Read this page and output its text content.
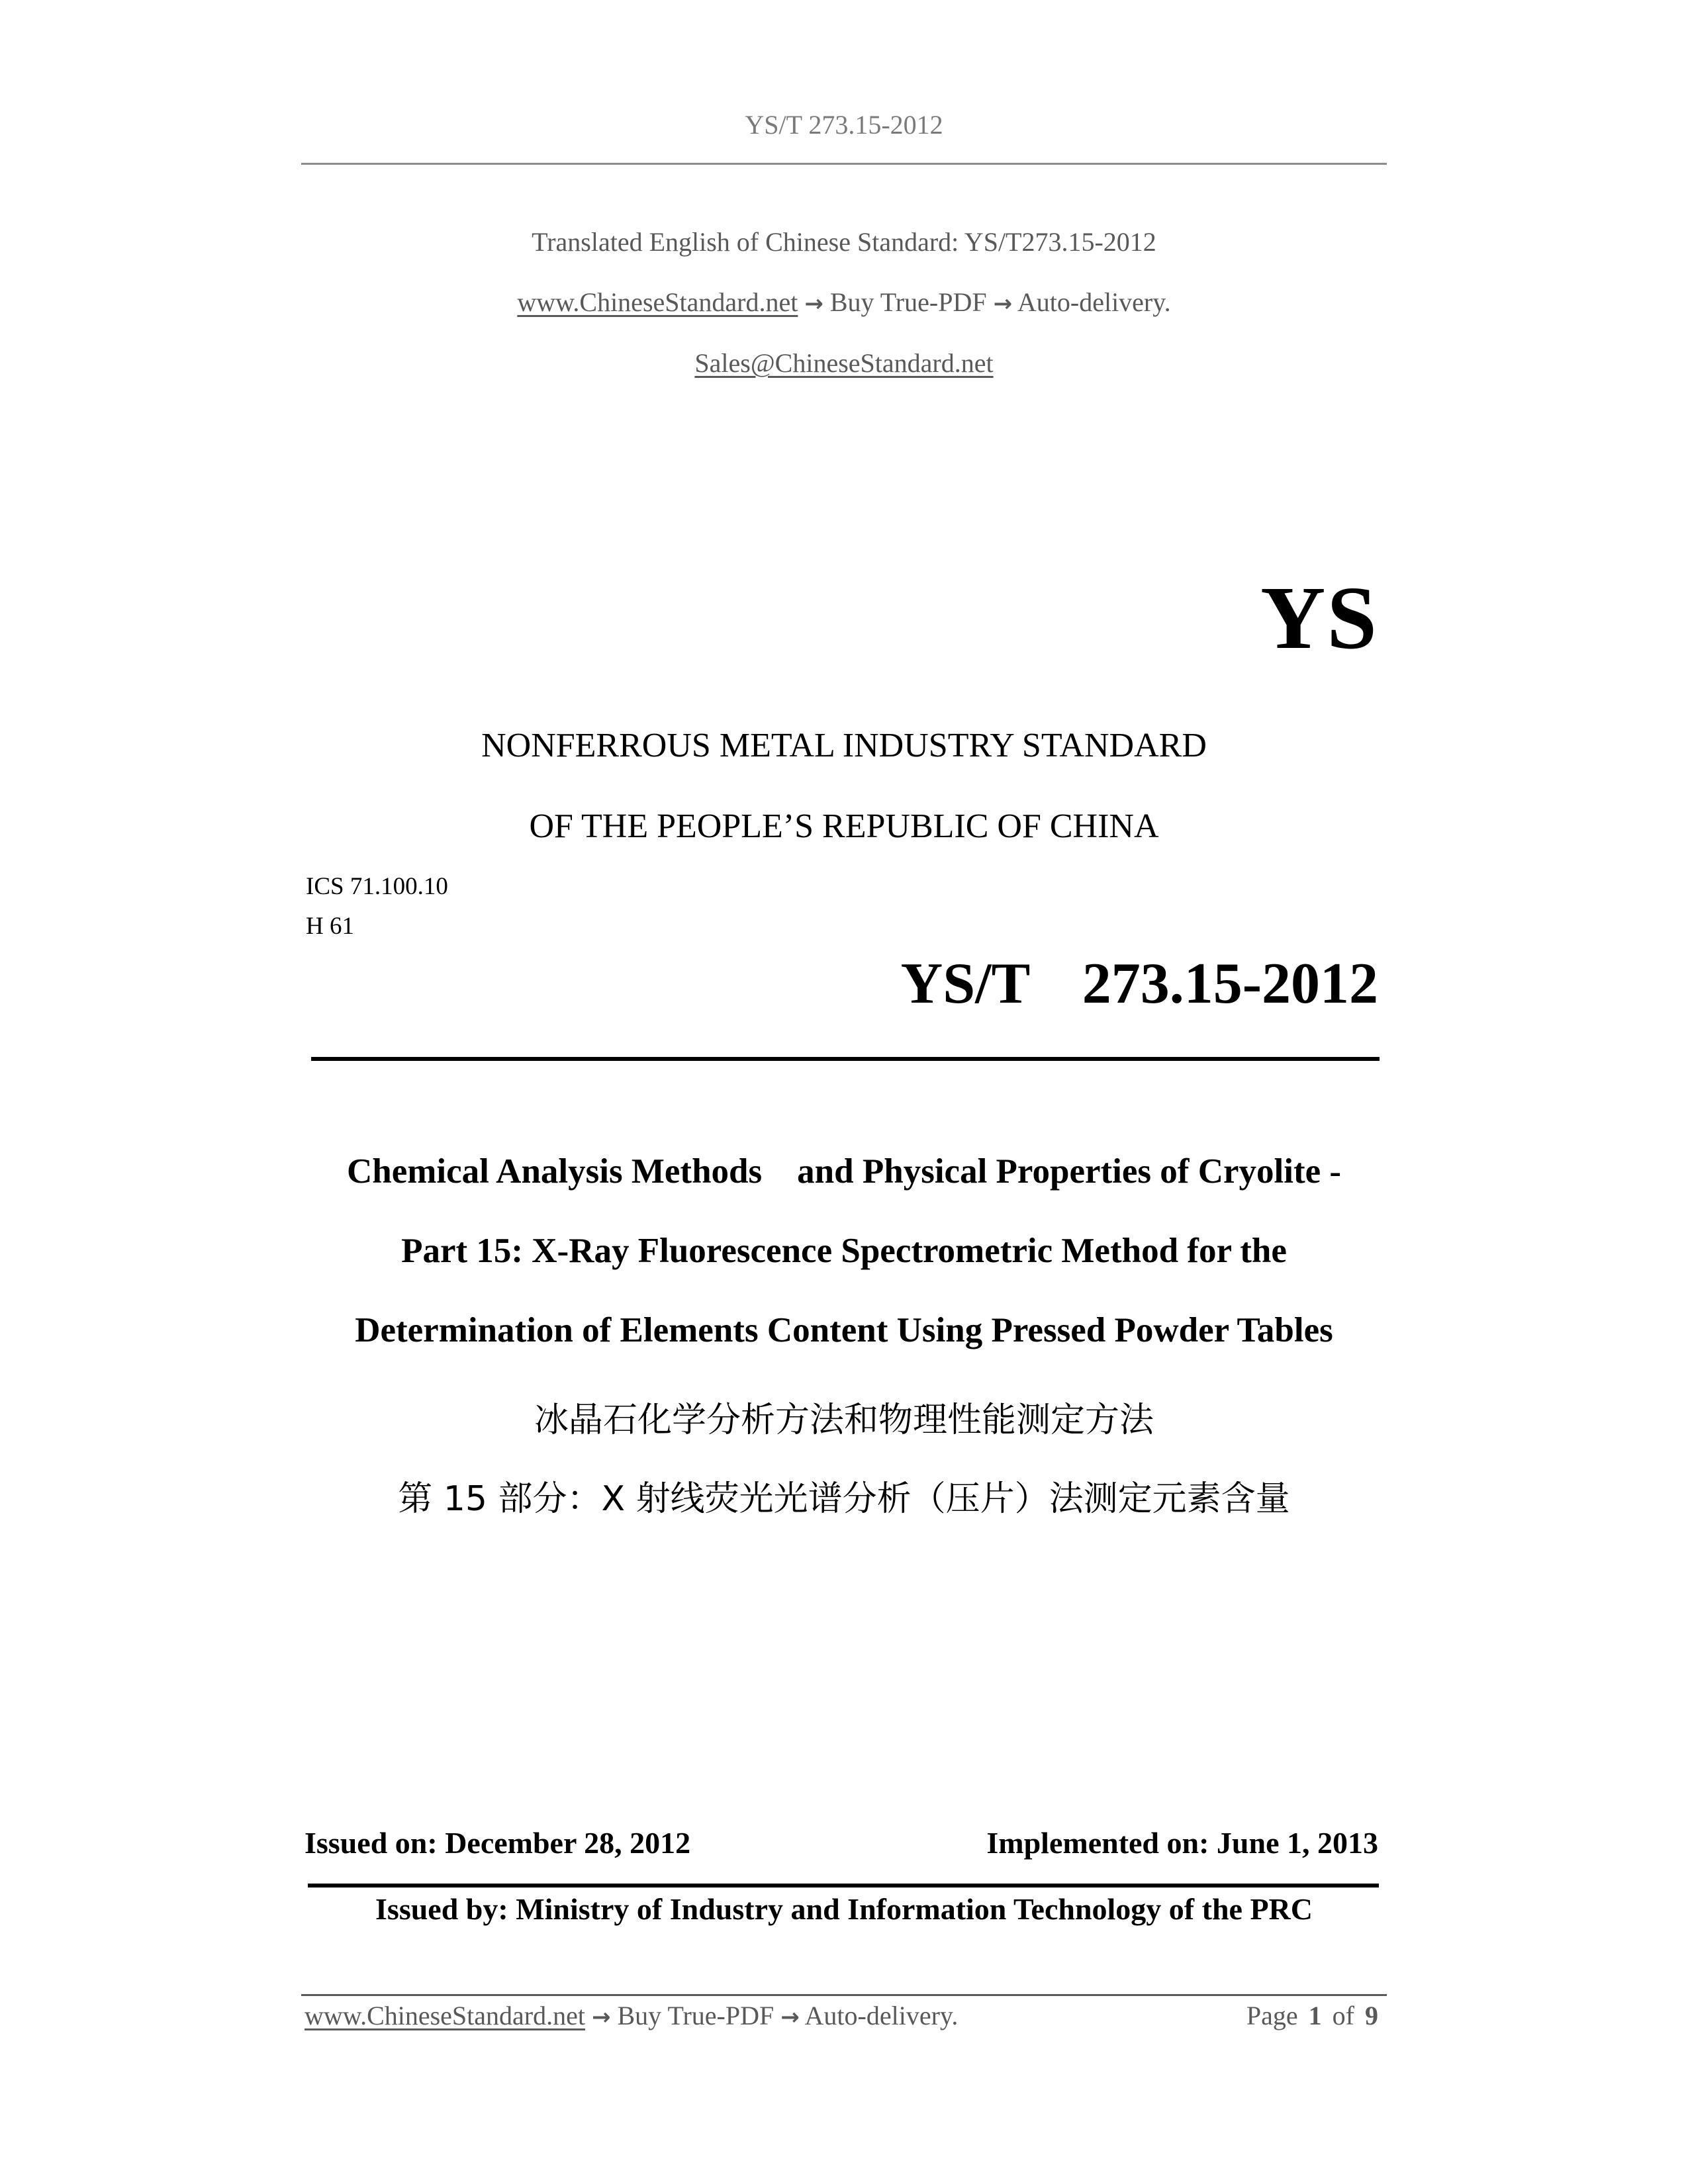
YS/T 273.15-2012
Translated English of Chinese Standard: YS/T273.15-2012
www.ChineseStandard.net → Buy True-PDF → Auto-delivery.
Sales@ChineseStandard.net
YS
NONFERROUS METAL INDUSTRY STANDARD
OF THE PEOPLE’S REPUBLIC OF CHINA
ICS 71.100.10
H 61
YS/T  273.15-2012
Chemical Analysis Methods    and Physical Properties of Cryolite -
Part 15: X-Ray Fluorescence Spectrometric Method for the
Determination of Elements Content Using Pressed Powder Tables
冰晶石化学分析方法和物理性能测定方法
第 15 部分：X 射线荧光光谱分析（压片）法测定元素含量
Issued on: December 28, 2012	Implemented on: June 1, 2013
Issued by: Ministry of Industry and Information Technology of the PRC
www.ChineseStandard.net → Buy True-PDF → Auto-delivery.	Page 1 of 9
